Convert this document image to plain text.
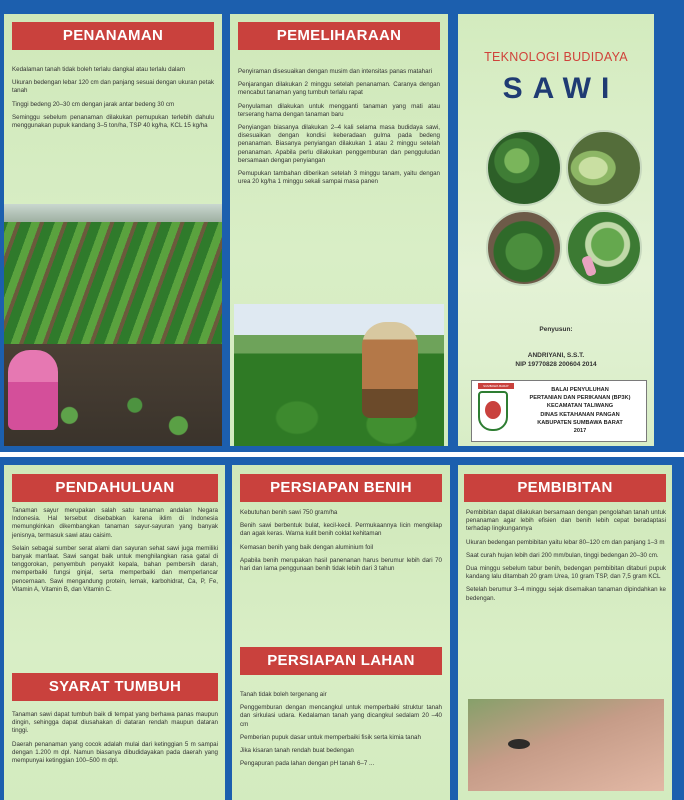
PENANAMAN

Kedalaman tanah tidak boleh terlalu dangkal atau terlalu dalam

Ukuran bedengan lebar 120 cm dan panjang sesuai dengan ukuran petak tanah

Tinggi bedeng 20–30 cm dengan jarak antar bedeng 30 cm

Seminggu sebelum penanaman dilakukan pemupukan terlebih dahulu menggunakan pupuk kandang 3–5 ton/ha, TSP 40 kg/ha, KCL 15 kg/ha

PEMELIHARAAN

Penyiraman disesuaikan dengan musim dan intensitas panas matahari

Penjarangan dilakukan 2 minggu setelah penanaman. Caranya dengan mencabut tanaman yang tumbuh terlalu rapat

Penyulaman dilakukan untuk mengganti tanaman yang mati atau terserang hama dengan tanaman baru

Penyiangan biasanya dilakukan 2–4 kali selama masa budidaya sawi, disesuaikan dengan kondisi keberadaan gulma pada bedeng penanaman. Biasanya penyiangan dilakukan 1 atau 2 minggu setelah penanaman. Apabila perlu dilakukan penggemburan dan pengguludan bersamaan dengan penyiangan

Pemupukan tambahan diberikan setelah 3 minggu tanam, yaitu dengan urea 20 kg/ha 1 minggu sekali sampai masa panen

TEKNOLOGI BUDIDAYA
SAWI
Penyusun:
ANDRIYANI, S.S.T.
NIP 19770828 200604 2014
SUMBAWA BARAT
BALAI PENYULUHAN
PERTANIAN DAN PERIKANAN (BP3K)
KECAMATAN TALIWANG
DINAS KETAHANAN PANGAN
KABUPATEN SUMBAWA BARAT
2017
PENDAHULUAN

Tanaman sayur merupakan salah satu tanaman andalan Negara Indonesia. Hal tersebut disebabkan karena iklim di Indonesia memungkinkan dikembangkan tanaman sayur-sayuran yang banyak jenisnya, termasuk sawi atau caisim.

Selain sebagai sumber serat alami dan sayuran sehat sawi juga memiliki banyak manfaat. Sawi sangat baik untuk menghilangkan rasa gatal di tenggorokan, penyembuh penyakit kepala, bahan pembersih darah, memperbaiki fungsi ginjal, serta memperbaiki dan memperlancar pencernaan. Sawi mengandung protein, lemak, karbohidrat, Ca, P, Fe, Vitamin A, Vitamin B, dan Vitamin C.

SYARAT TUMBUH

Tanaman sawi dapat tumbuh baik di tempat yang berhawa panas maupun dingin, sehingga dapat diusahakan di dataran rendah maupun dataran tinggi.

Daerah penanaman yang cocok adalah mulai dari ketinggian 5 m sampai dengan 1.200 m dpl. Namun biasanya dibudidayakan pada daerah yang mempunyai ketinggian 100–500 m dpl.

PERSIAPAN BENIH

Kebutuhan benih sawi 750 gram/ha

Benih sawi berbentuk bulat, kecil-kecil. Permukaannya licin mengkilap dan agak keras. Warna kulit benih coklat kehitaman

Kemasan benih yang baik dengan aluminium foil

Apabila benih merupakan hasil panenanan harus berumur lebih dari 70 hari dan lama penggunaan benih tidak lebih dari 3 tahun

PERSIAPAN LAHAN

Tanah tidak boleh tergenang air

Penggemburan dengan mencangkul untuk memperbaiki struktur tanah dan sirkulasi udara. Kedalaman tanah yang dicangkul sedalam 20 –40 cm

Pemberian pupuk dasar untuk memperbaiki fisik serta kimia tanah

Jika kisaran tanah rendah buat bedengan

Pengapuran pada lahan dengan pH tanah 6–7 ...

PEMBIBITAN

Pembibitan dapat dilakukan bersamaan dengan pengolahan tanah untuk penanaman agar lebih efisien dan benih lebih cepat beradaptasi terhadap lingkungannya

Ukuran bedengan pembibitan yaitu lebar 80–120 cm dan panjang 1–3 m

Saat curah hujan lebih dari 200 mm/bulan, tinggi bedengan 20–30 cm.

Dua minggu sebelum tabur benih, bedengan pembibitan ditaburi pupuk kandang lalu ditambah 20 gram Urea, 10 gram TSP, dan 7,5 gram KCL

Setelah berumur 3–4 minggu sejak disemaikan tanaman dipindahkan ke bedengan.
